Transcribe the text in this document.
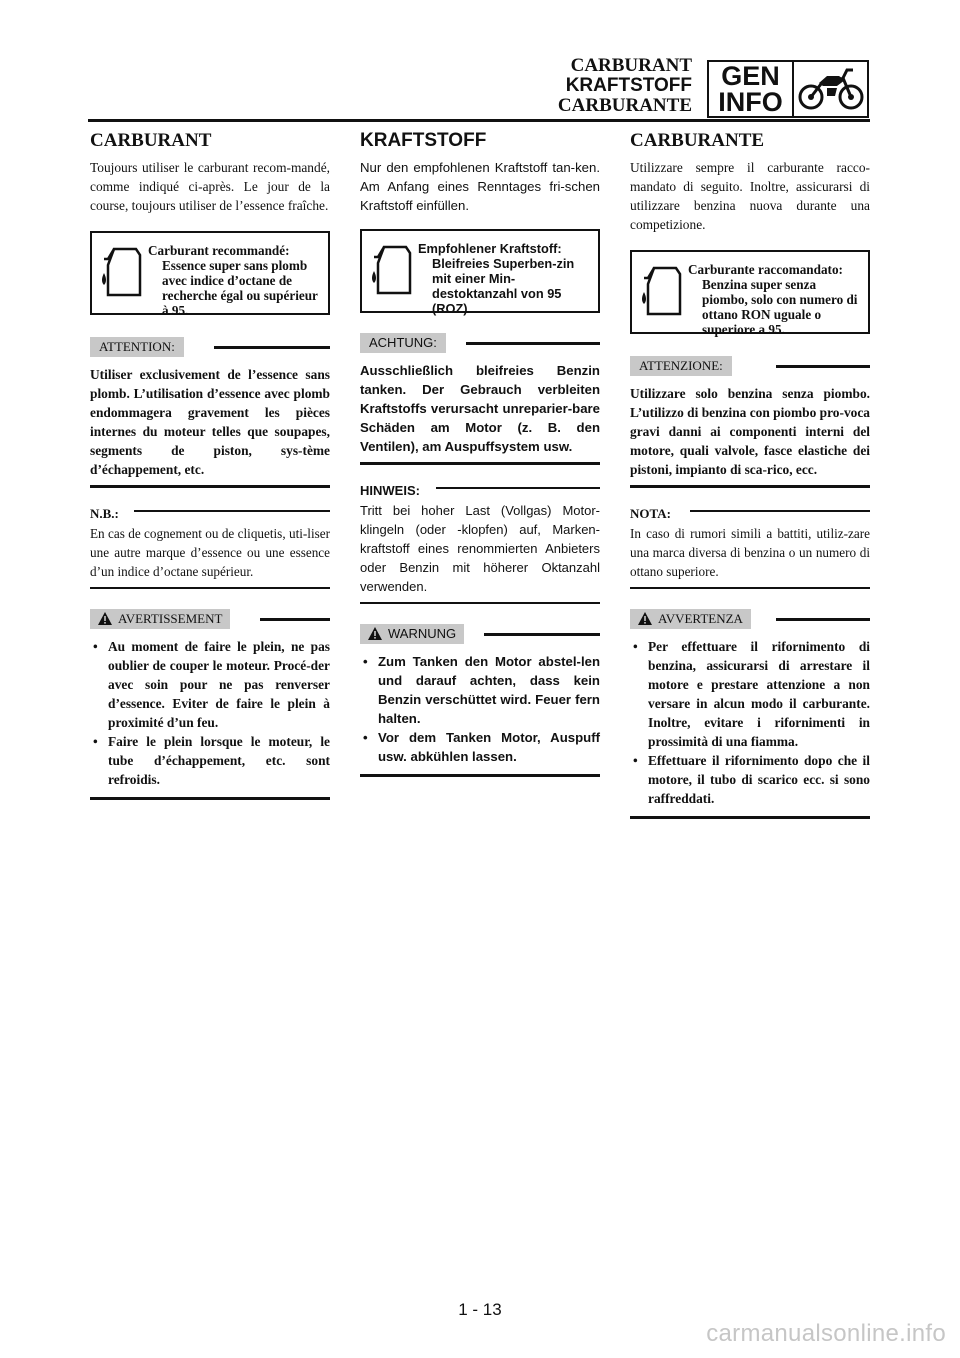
CARBURANT
KRAFTSTOFF
CARBURANTE
GEN
INFO
CARBURANT

Toujours utiliser le carburant recom-mandé, comme indiqué ci-après. Le jour de la course, toujours utiliser de l’essence fraîche.

Carburant recommandé:
Essence super sans plomb avec indice d’octane de recherche égal ou supérieur à 95.
ATTENTION:

Utiliser exclusivement de l’essence sans plomb. L’utilisation d’essence avec plomb endommagera gravement les pièces internes du moteur telles que soupapes, segments de piston, sys-tème d’échappement, etc.

N.B.:

En cas de cognement ou de cliquetis, uti-liser une autre marque d’essence ou une essence d’un indice d’octane supérieur.

AVERTISSEMENT
• Au moment de faire le plein, ne pas oublier de couper le moteur. Procé-der avec soin pour ne pas renverser d’essence. Eviter de faire le plein à proximité d’un feu.
• Faire le plein lorsque le moteur, le tube d’échappement, etc. sont refroidis.
KRAFTSTOFF

Nur den empfohlenen Kraftstoff tan-ken. Am Anfang eines Renntages fri-schen Kraftstoff einfüllen.

Empfohlener Kraftstoff:
Bleifreies Superben-zin mit einer Min-destoktanzahl von 95 (ROZ)
ACHTUNG:

Ausschließlich bleifreies Benzin tanken. Der Gebrauch verbleiten Kraftstoffs verursacht unreparier-bare Schäden am Motor (z. B. den Ventilen), am Auspuffsystem usw.

HINWEIS:

Tritt bei hoher Last (Vollgas) Motor-klingeln (oder -klopfen) auf, Marken-kraftstoff eines renommierten Anbieters oder Benzin mit höherer Oktanzahl verwenden.

WARNUNG
• Zum Tanken den Motor abstel-len und darauf achten, dass kein Benzin verschüttet wird. Feuer fern halten.
• Vor dem Tanken Motor, Auspuff usw. abkühlen lassen.
CARBURANTE

Utilizzare sempre il carburante racco-mandato di seguito. Inoltre, assicurarsi di utilizzare benzina nuova durante una competizione.

Carburante raccomandato:
Benzina super senza piombo, solo con numero di ottano RON uguale o superiore a 95.
ATTENZIONE:

Utilizzare solo benzina senza piombo. L’utilizzo di benzina con piombo pro-voca gravi danni ai componenti interni del motore, quali valvole, fasce elastiche dei pistoni, impianto di sca-rico, ecc.

NOTA:

In caso di rumori simili a battiti, utiliz-zare una marca diversa di benzina o un numero di ottano superiore.

AVVERTENZA
• Per effettuare il rifornimento di benzina, assicurarsi di arrestare il motore e prestare attenzione a non versare in alcun modo il carburante. Inoltre, evitare i rifornimenti in prossimità di una fiamma.
• Effettuare il rifornimento dopo che il motore, il tubo di scarico ecc. si sono raffreddati.
1 - 13
carmanualsonline.info
